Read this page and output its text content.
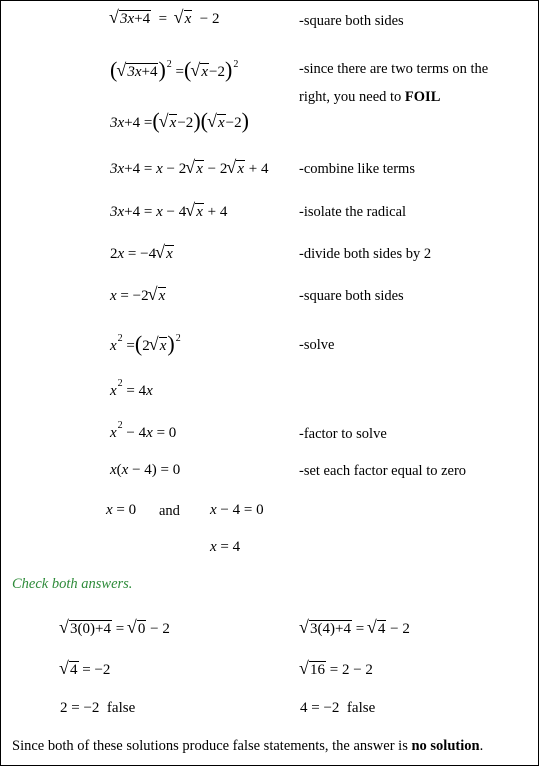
√ 3x+4  =  √ x  − 2	-square both sides
(√ 3x+4)$^2$ =(√ x−2)$^2$	-since there are two terms on the
right, you need to FOIL
3x+4 =(√ x−2)(√ x−2)
3x+4 = x − 2√ x − 2√ x + 4 -combine like terms
3x+4 = x − 4√ x + 4	-isolate the radical
2x = −4√ x	-divide both sides by 2
x = −2√ x	-square both sides
$x^2 =(2√$ x)$^2$	-solve
$x^2 = 4x$
$x^2 - 4x = 0$	-factor to solve
x(x − 4) = 0	-set each factor equal to zero
x = 0 and x − 4 = 0
x = 4
Check both answers.
√ 3(0)+4 = √ 0 − 2
√ 4 = −2
2 = −2  false
√ 3(4)+4 = √ 4 − 2
√ 16 = 2 − 2
4 = −2  false
Since both of these solutions produce false statements, the answer is no solution.
